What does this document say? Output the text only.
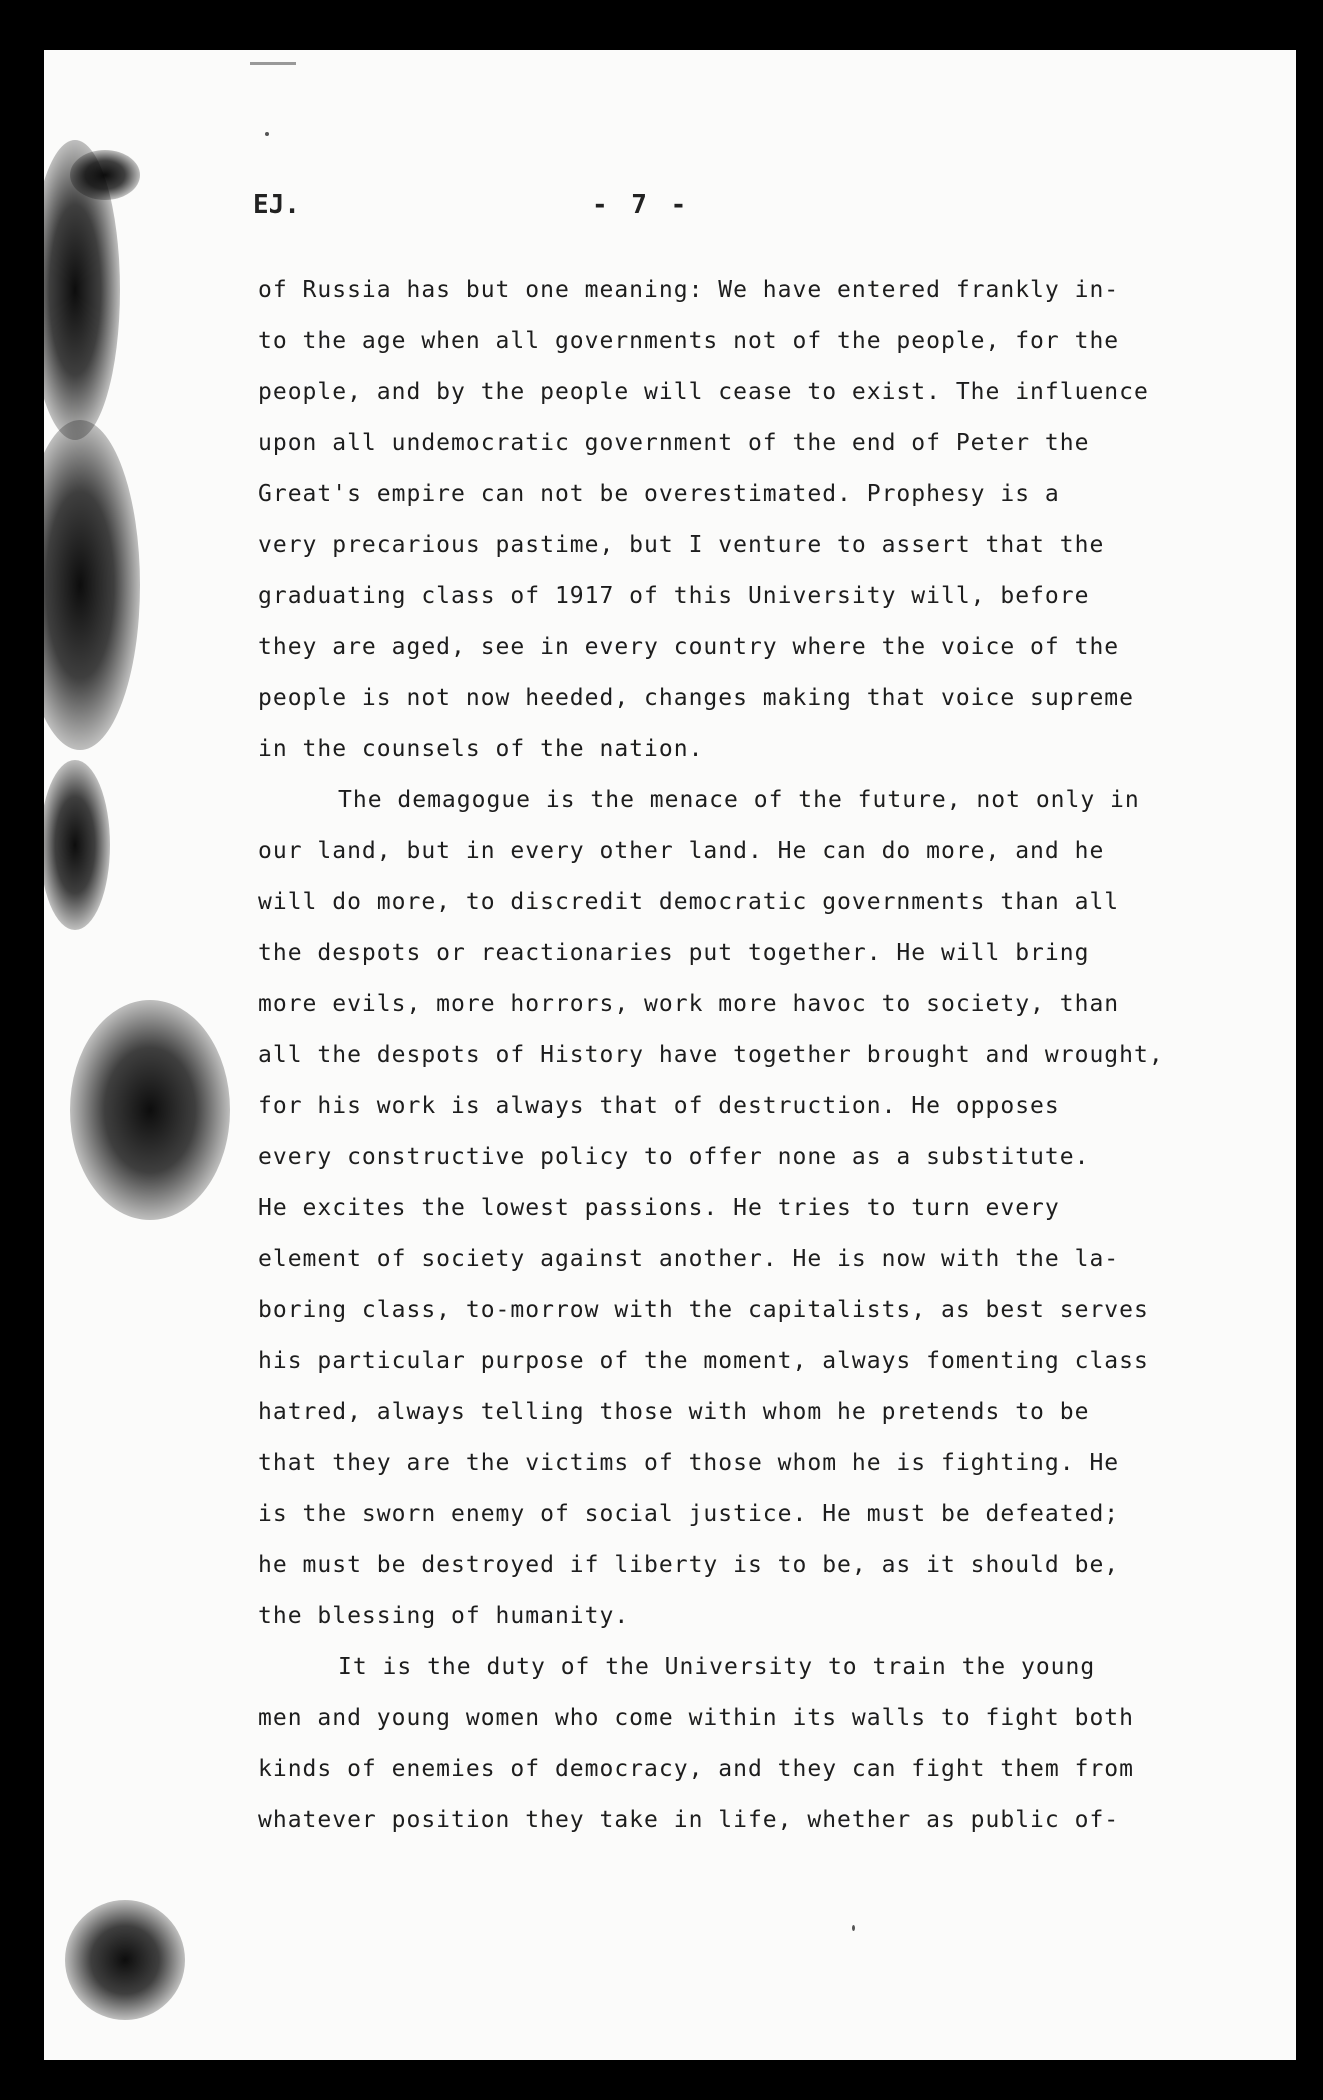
EJ.	- 7 -
of Russia has but one meaning: We have entered frankly in-
to the age when all governments not of the people, for the
people, and by the people will cease to exist. The influence
upon all undemocratic government of the end of Peter the
Great's empire can not be overestimated. Prophesy is a
very precarious pastime, but I venture to assert that the
graduating class of 1917 of this University will, before
they are aged, see in every country where the voice of the
people is not now heeded, changes making that voice supreme
in the counsels of the nation.
The demagogue is the menace of the future, not only in
our land, but in every other land. He can do more, and he
will do more, to discredit democratic governments than all
the despots or reactionaries put together. He will bring
more evils, more horrors, work more havoc to society, than
all the despots of History have together brought and wrought,
for his work is always that of destruction. He opposes
every constructive policy to offer none as a substitute.
He excites the lowest passions. He tries to turn every
element of society against another. He is now with the la-
boring class, to-morrow with the capitalists, as best serves
his particular purpose of the moment, always fomenting class
hatred, always telling those with whom he pretends to be
that they are the victims of those whom he is fighting. He
is the sworn enemy of social justice. He must be defeated;
he must be destroyed if liberty is to be, as it should be,
the blessing of humanity.
It is the duty of the University to train the young
men and young women who come within its walls to fight both
kinds of enemies of democracy, and they can fight them from
whatever position they take in life, whether as public of-
